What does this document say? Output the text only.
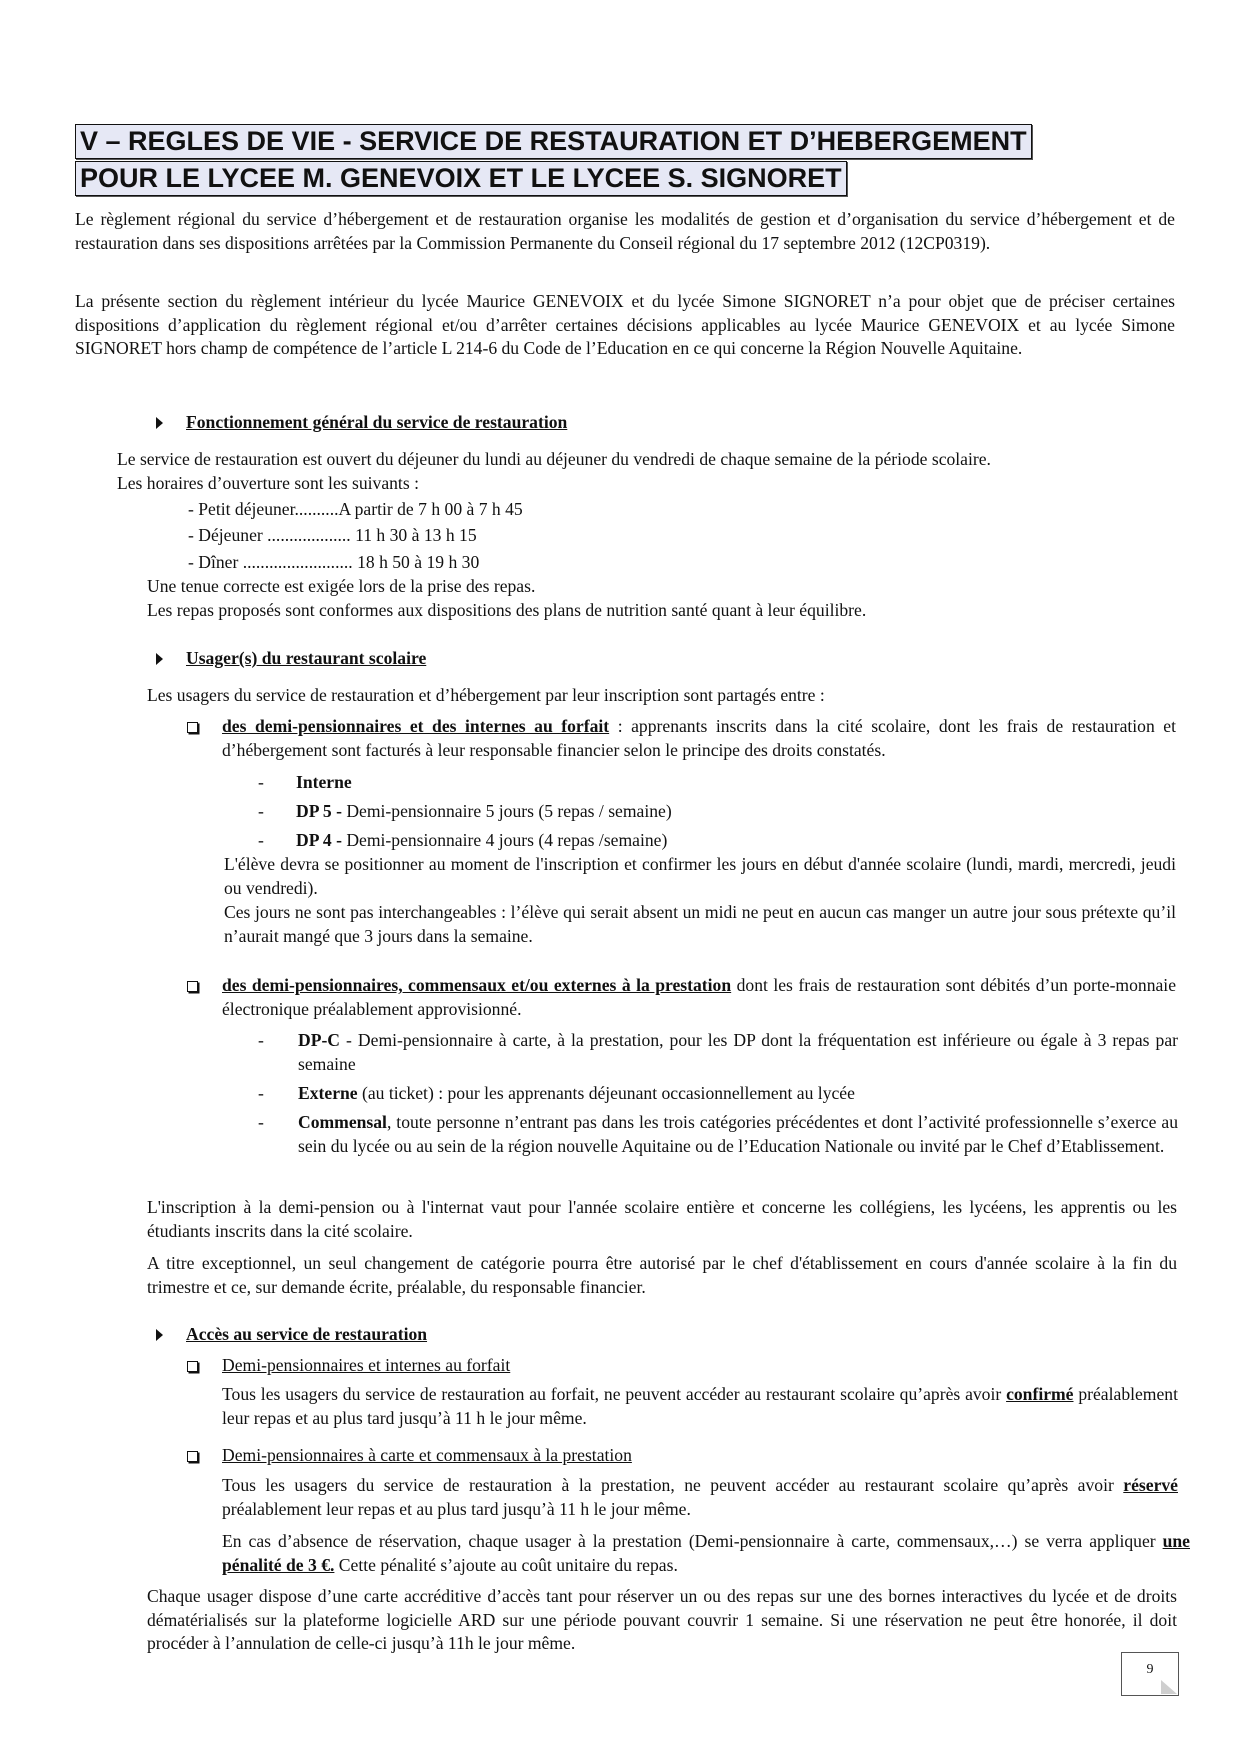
V – REGLES DE VIE - SERVICE DE RESTAURATION ET D’HEBERGEMENT
POUR LE LYCEE M. GENEVOIX ET LE LYCEE S. SIGNORET
Le règlement régional du service d’hébergement et de restauration organise les modalités de gestion et d’organisation du service d’hébergement et de restauration dans ses dispositions arrêtées par la Commission Permanente du Conseil régional du 17 septembre 2012 (12CP0319).
La présente section du règlement intérieur du lycée Maurice GENEVOIX et du lycée Simone SIGNORET n’a pour objet que de préciser certaines dispositions d’application du règlement régional et/ou d’arrêter certaines décisions applicables au lycée Maurice GENEVOIX et au lycée Simone SIGNORET hors champ de compétence de l’article L 214-6 du Code de l’Education en ce qui concerne la Région Nouvelle Aquitaine.
Fonctionnement général du service de restauration
Le service de restauration est ouvert du déjeuner du lundi au déjeuner du vendredi de chaque semaine de la période scolaire.
Les horaires d’ouverture sont les suivants :
- Petit déjeuner..........A partir de 7 h 00 à 7 h 45
- Déjeuner ................... 11 h 30 à 13 h 15
- Dîner ......................... 18 h 50 à 19 h 30
Une tenue correcte est exigée lors de la prise des repas.
Les repas proposés sont conformes aux dispositions des plans de nutrition santé quant à leur équilibre.
Usager(s) du restaurant scolaire
Les usagers du service de restauration et d’hébergement par leur inscription sont partagés entre :
des demi-pensionnaires et des internes au forfait : apprenants inscrits dans la cité scolaire, dont les frais de restauration et d’hébergement sont facturés à leur responsable financier selon le principe des droits constatés.
- Interne
- DP 5 - Demi-pensionnaire 5 jours (5 repas / semaine)
- DP 4 - Demi-pensionnaire 4 jours (4 repas /semaine)
L'élève devra se positionner au moment de l'inscription et confirmer les jours en début d'année scolaire (lundi, mardi, mercredi, jeudi ou vendredi).
Ces jours ne sont pas interchangeables : l’élève qui serait absent un midi ne peut en aucun cas manger un autre jour sous prétexte qu’il n’aurait mangé que 3 jours dans la semaine.
des demi-pensionnaires, commensaux et/ou externes à la prestation dont les frais de restauration sont débités d’un porte-monnaie électronique préalablement approvisionné.
- DP-C - Demi-pensionnaire à carte, à la prestation, pour les DP dont la fréquentation est inférieure ou égale à 3 repas par semaine
- Externe (au ticket) : pour les apprenants déjeunant occasionnellement au lycée
- Commensal, toute personne n’entrant pas dans les trois catégories précédentes et dont l’activité professionnelle s’exerce au sein du lycée ou au sein de la région nouvelle Aquitaine ou de l’Education Nationale ou invité par le Chef d’Etablissement.
L'inscription à la demi-pension ou à l'internat vaut pour l'année scolaire entière et concerne les collégiens, les lycéens, les apprentis ou les étudiants inscrits dans la cité scolaire.
A titre exceptionnel, un seul changement de catégorie pourra être autorisé par le chef d'établissement en cours d'année scolaire à la fin du trimestre et ce, sur demande écrite, préalable, du responsable financier.
Accès au service de restauration
Demi-pensionnaires et internes au forfait
Tous les usagers du service de restauration au forfait, ne peuvent accéder au restaurant scolaire qu’après avoir confirmé préalablement leur repas et au plus tard jusqu’à 11 h le jour même.
Demi-pensionnaires à carte et commensaux à la prestation
Tous les usagers du service de restauration à la prestation, ne peuvent accéder au restaurant scolaire qu’après avoir réservé préalablement leur repas et au plus tard jusqu’à 11 h le jour même.
En cas d’absence de réservation, chaque usager à la prestation (Demi-pensionnaire à carte, commensaux,…) se verra appliquer une pénalité de 3 €. Cette pénalité s’ajoute au coût unitaire du repas.
Chaque usager dispose d’une carte accréditive d’accès tant pour réserver un ou des repas sur une des bornes interactives du lycée et de droits dématérialisés sur la plateforme logicielle ARD sur une période pouvant couvrir 1 semaine. Si une réservation ne peut être honorée, il doit procéder à l’annulation de celle-ci jusqu’à 11h le jour même.
9
